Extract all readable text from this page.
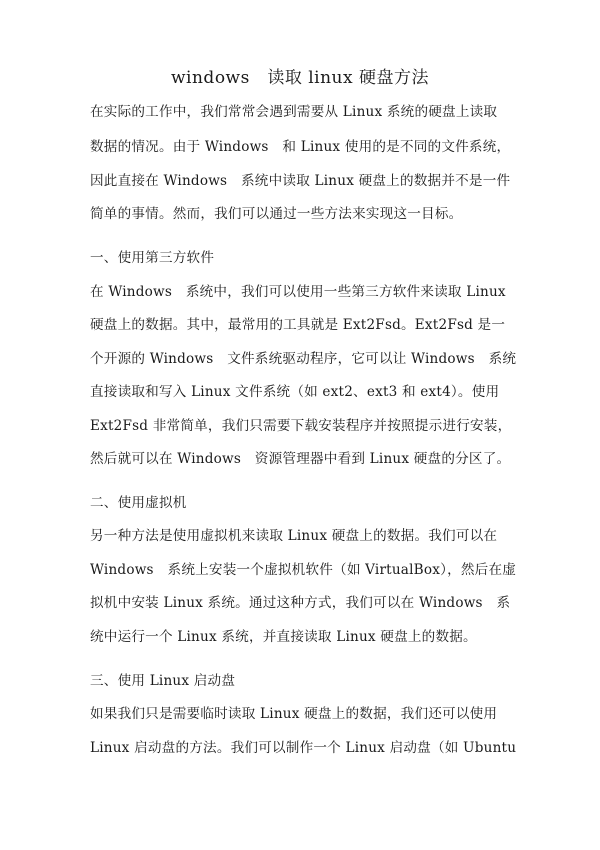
windows　读取 linux 硬盘方法
在实际的工作中，我们常常会遇到需要从 Linux 系统的硬盘上读取
数据的情况。由于 Windows　和 Linux 使用的是不同的文件系统，
因此直接在 Windows　系统中读取 Linux 硬盘上的数据并不是一件
简单的事情。然而，我们可以通过一些方法来实现这一目标。
一、使用第三方软件
在 Windows　系统中，我们可以使用一些第三方软件来读取 Linux
硬盘上的数据。其中，最常用的工具就是 Ext2Fsd。Ext2Fsd 是一
个开源的 Windows　文件系统驱动程序，它可以让 Windows　系统
直接读取和写入 Linux 文件系统（如 ext2、ext3 和 ext4）。使用
Ext2Fsd 非常简单，我们只需要下载安装程序并按照提示进行安装，
然后就可以在 Windows　资源管理器中看到 Linux 硬盘的分区了。
二、使用虚拟机
另一种方法是使用虚拟机来读取 Linux 硬盘上的数据。我们可以在
Windows　系统上安装一个虚拟机软件（如 VirtualBox），然后在虚
拟机中安装 Linux 系统。通过这种方式，我们可以在 Windows　系
统中运行一个 Linux 系统，并直接读取 Linux 硬盘上的数据。
三、使用 Linux 启动盘
如果我们只是需要临时读取 Linux 硬盘上的数据，我们还可以使用
Linux 启动盘的方法。我们可以制作一个 Linux 启动盘（如 Ubuntu
